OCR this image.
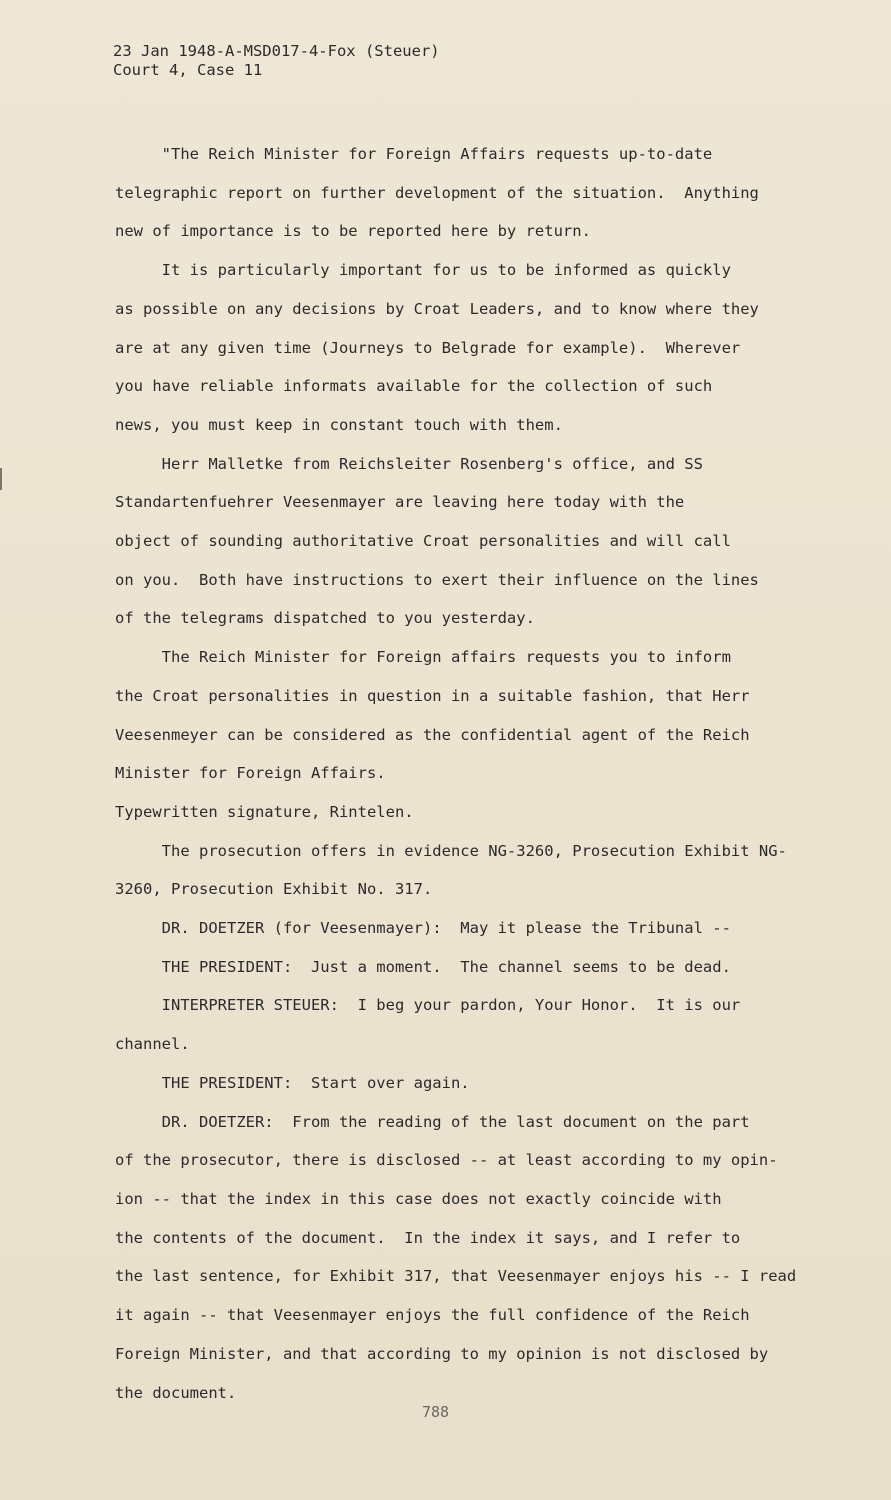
23 Jan 1948-A-MSD017-4-Fox (Steuer)
Court 4, Case 11
"The Reich Minister for Foreign Affairs requests up-to-date
telegraphic report on further development of the situation.  Anything
new of importance is to be reported here by return.
It is particularly important for us to be informed as quickly
as possible on any decisions by Croat Leaders, and to know where they
are at any given time (Journeys to Belgrade for example).  Wherever
you have reliable informats available for the collection of such
news, you must keep in constant touch with them.
Herr Malletke from Reichsleiter Rosenberg's office, and SS
Standartenfuehrer Veesenmayer are leaving here today with the
object of sounding authoritative Croat personalities and will call
on you.  Both have instructions to exert their influence on the lines
of the telegrams dispatched to you yesterday.
The Reich Minister for Foreign affairs requests you to inform
the Croat personalities in question in a suitable fashion, that Herr
Veesenmeyer can be considered as the confidential agent of the Reich
Minister for Foreign Affairs.
Typewritten signature, Rintelen.
The prosecution offers in evidence NG-3260, Prosecution Exhibit NG-
3260, Prosecution Exhibit No. 317.
DR. DOETZER (for Veesenmayer):  May it please the Tribunal --
THE PRESIDENT:  Just a moment.  The channel seems to be dead.
INTERPRETER STEUER:  I beg your pardon, Your Honor.  It is our
channel.
THE PRESIDENT:  Start over again.
DR. DOETZER:  From the reading of the last document on the part
of the prosecutor, there is disclosed -- at least according to my opin-
ion -- that the index in this case does not exactly coincide with
the contents of the document.  In the index it says, and I refer to
the last sentence, for Exhibit 317, that Veesenmayer enjoys his -- I read
it again -- that Veesenmayer enjoys the full confidence of the Reich
Foreign Minister, and that according to my opinion is not disclosed by
the document.
788
